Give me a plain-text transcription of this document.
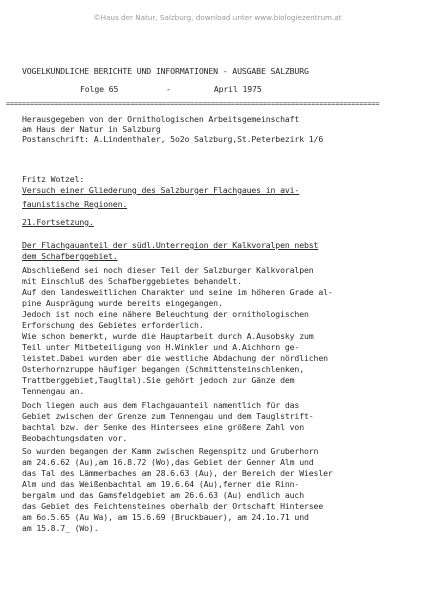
©Haus der Natur, Salzburg, download unter www.biologiezentrum.at
VOGELKUNDLICHE BERICHTE UND INFORMATIONEN - AUSGABE SALZBURG
Folge 65          -         April 1975
=============================================================================================
Herausgegeben von der Ornithologischen Arbeitsgemeinschaft
am Haus der Natur in Salzburg
Postanschrift: A.Lindenthaler, 5o2o Salzburg,St.Peterbezirk 1/6
Fritz Wotzel:
Versuch einer Gliederung des Salzburger Flachgaues in avi-
faunistische Regionen.
21.Fortsetzung.
Der Flachgauanteil der südl.Unterregion der Kalkvoralpen nebst
dem Schafberggebiet.
Abschließend sei noch dieser Teil der Salzburger Kalkvoralpen
mit Einschluß des Schafberggebietes behandelt.
Auf den landesweitlichen Charakter und seine im höheren Grade al-
pine Ausprägung wurde bereits eingegangen.
Jedoch ist noch eine nähere Beleuchtung der ornithologischen
Erforschung des Gebietes erforderlich.
Wie schon bemerkt, wurde die Hauptarbeit durch A.Ausobsky zum
Teil unter Mitbeteiligung von H.Winkler und A.Aichhorn ge-
leistet.Dabei wurden aber die westliche Abdachung der nördlichen
Osterhornzruppe häufiger begangen (Schmittensteinschlenken,
Trattberggebiet,Taugltal).Sie gehört jedoch zur Gänze dem
Tennengau an.
Doch liegen auch aus dem Flachgauanteil namentlich für das
Gebiet zwischen der Grenze zum Tennengau und dem Tauglstrift-
bachtal bzw. der Senke des Hintersees eine größere Zahl von
Beobachtungsdaten vor.
So wurden begangen der Kamm zwischen Regenspitz und Gruberhorn
am 24.6.62 (Au),am 16.8.72 (Wo),das Gebiet der Genner Alm und
das Tal des Lämmerbaches am 28.6.63 (Au), der Bereich der Wiesler
Alm und das Weißenbachtal am 19.6.64 (Au),ferner die Rinn-
bergalm und das Gamsfeldgebiet am 26.6.63 (Au) endlich auch
das Gebiet des Feichtensteines oberhalb der Ortschaft Hintersee
am 6o.5.65 (Au Wa), am 15.6.69 (Bruckbauer), am 24.1o.71 und
am 15.8.7_ (Wo).
